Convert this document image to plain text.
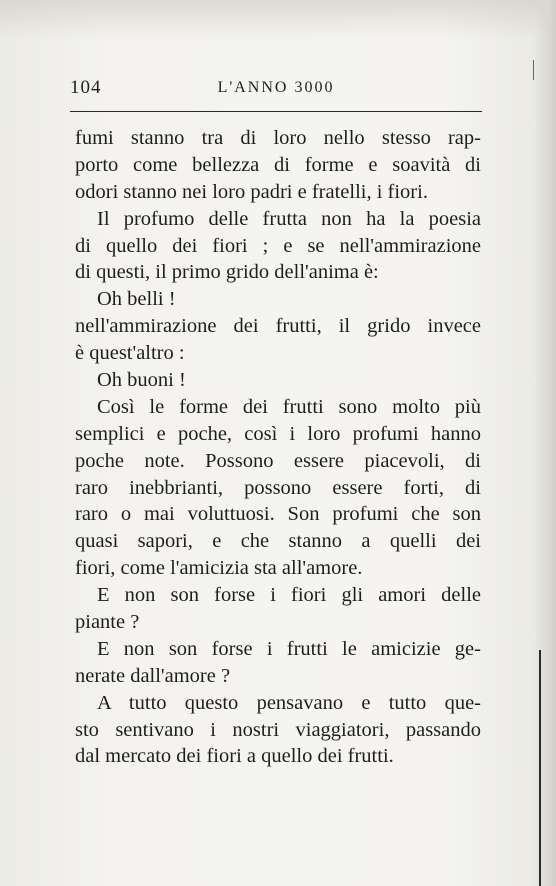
104	L'ANNO 3000
fumi stanno tra di loro nello stesso rap-
porto come bellezza di forme e soavità di
odori stanno nei loro padri e fratelli, i fiori.
Il profumo delle frutta non ha la poesia
di quello dei fiori ; e se nell'ammirazione
di questi, il primo grido dell'anima è:
Oh belli !
nell'ammirazione dei frutti, il grido invece
è quest'altro :
Oh buoni !
Così le forme dei frutti sono molto più
semplici e poche, così i loro profumi hanno
poche note. Possono essere piacevoli, di
raro inebbrianti, possono essere forti, di
raro o mai voluttuosi. Son profumi che son
quasi sapori, e che stanno a quelli dei
fiori, come l'amicizia sta all'amore.
E non son forse i fiori gli amori delle
piante ?
E non son forse i frutti le amicizie ge-
nerate dall'amore ?
A tutto questo pensavano e tutto que-
sto sentivano i nostri viaggiatori, passando
dal mercato dei fiori a quello dei frutti.
